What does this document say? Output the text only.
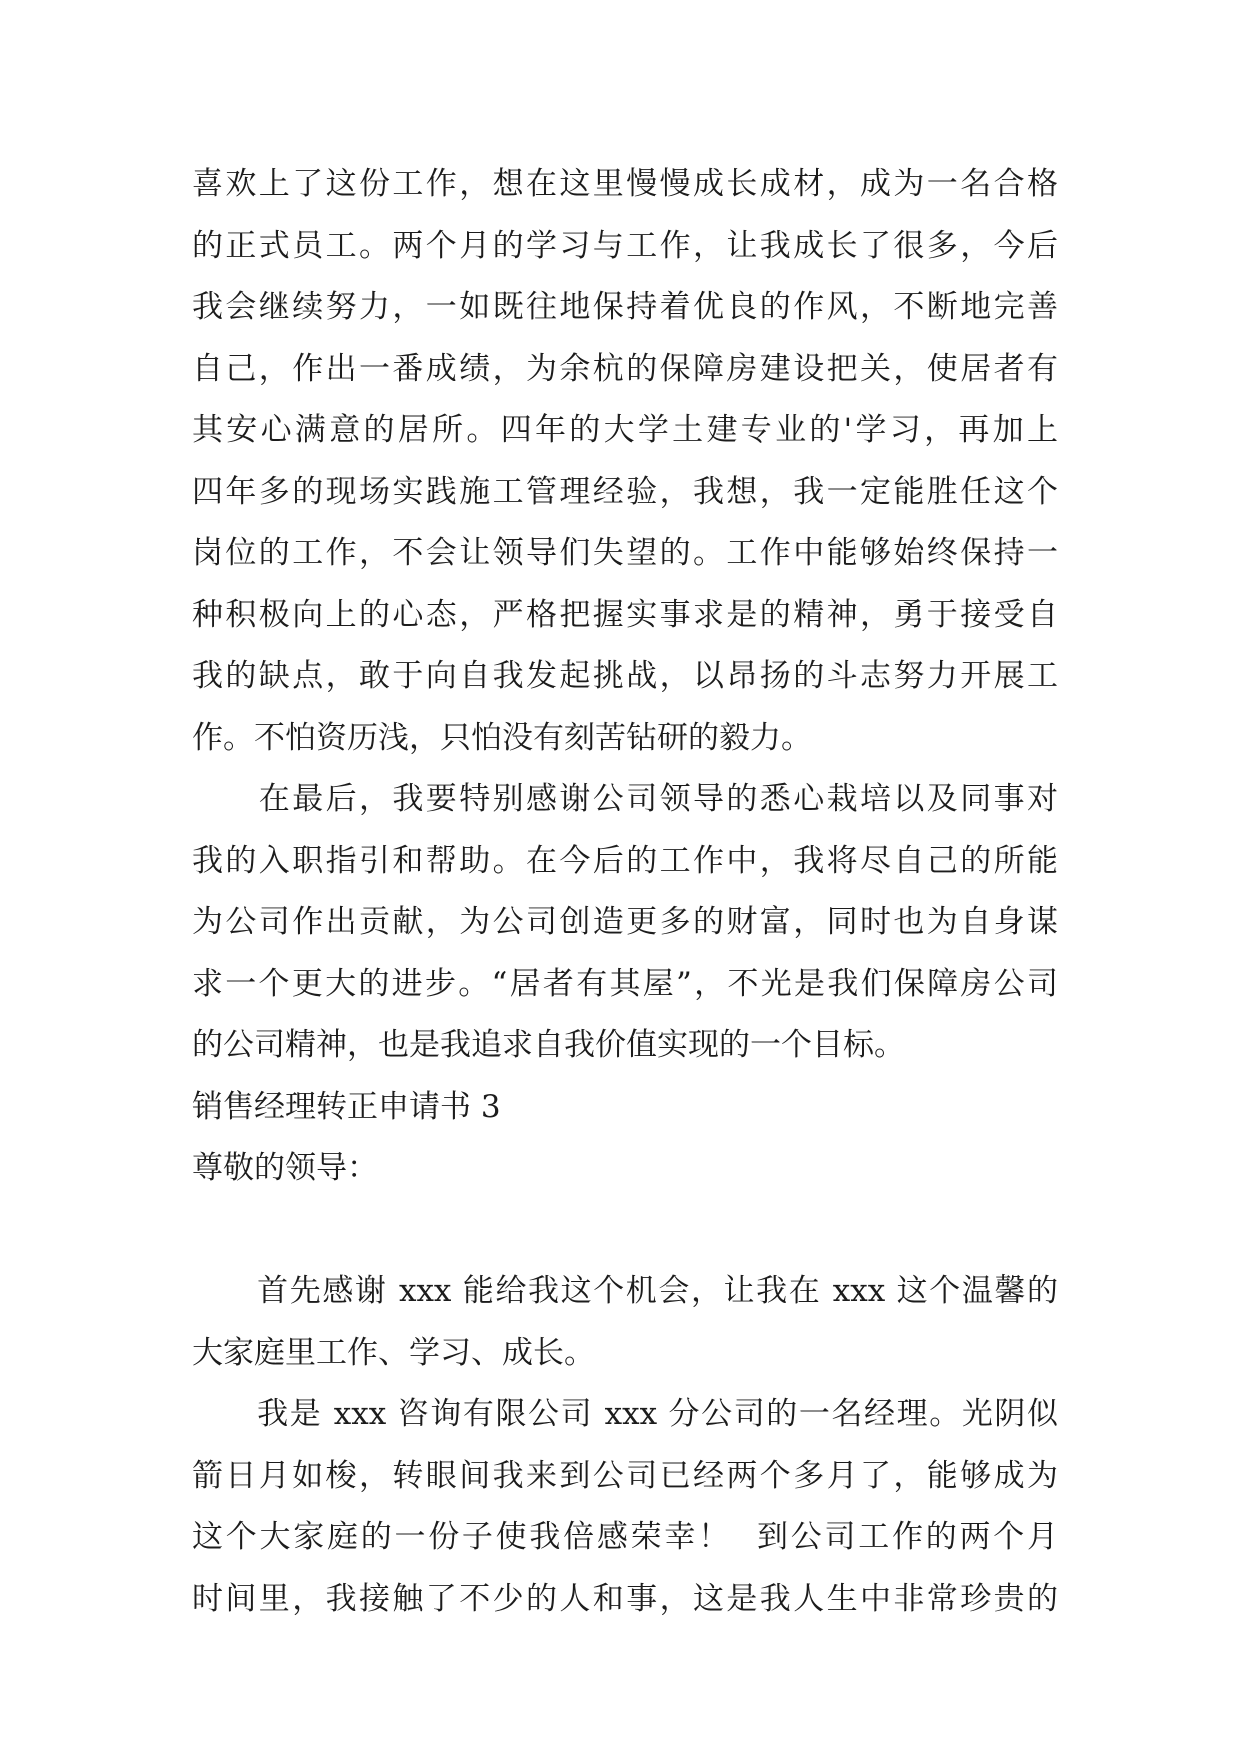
喜欢上了这份工作，想在这里慢慢成长成材，成为一名合格
的正式员工。两个月的学习与工作，让我成长了很多，今后
我会继续努力，一如既往地保持着优良的作风，不断地完善
自己，作出一番成绩，为余杭的保障房建设把关，使居者有
其安心满意的居所。四年的大学土建专业的'学习，再加上
四年多的现场实践施工管理经验，我想，我一定能胜任这个
岗位的工作，不会让领导们失望的。工作中能够始终保持一
种积极向上的心态，严格把握实事求是的精神，勇于接受自
我的缺点，敢于向自我发起挑战，以昂扬的斗志努力开展工
作。不怕资历浅，只怕没有刻苦钻研的毅力。
　　在最后，我要特别感谢公司领导的悉心栽培以及同事对
我的入职指引和帮助。在今后的工作中，我将尽自己的所能
为公司作出贡献，为公司创造更多的财富，同时也为自身谋
求一个更大的进步。“居者有其屋”，不光是我们保障房公司
的公司精神，也是我追求自我价值实现的一个目标。
销售经理转正申请书 3
尊敬的领导：
　　首先感谢 xxx 能给我这个机会，让我在 xxx 这个温馨的
大家庭里工作、学习、成长。
　　我是 xxx 咨询有限公司 xxx 分公司的一名经理。光阴似
箭日月如梭，转眼间我来到公司已经两个多月了，能够成为
这个大家庭的一份子使我倍感荣幸！  到公司工作的两个月
时间里，我接触了不少的人和事，这是我人生中非常珍贵的
